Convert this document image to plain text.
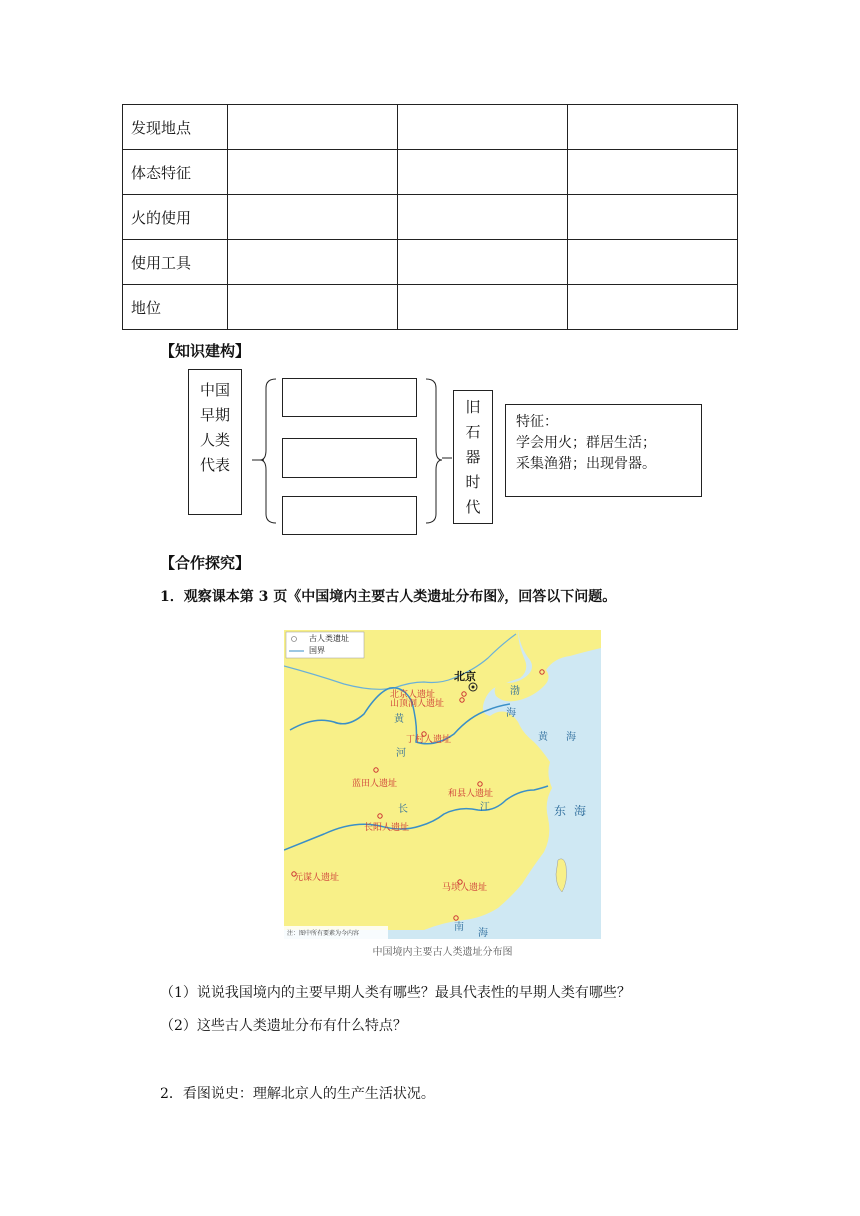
发现地点			
体态特征			
火的使用			
使用工具			
地位			
【知识建构】
中国
早期
人类
代表
旧
石
器
时
代
特征：
学会用火；群居生活；
采集渔猎；出现骨器。
【合作探究】
1．观察课本第 3 页《中国境内主要古人类遗址分布图》，回答以下问题。
古人类遗址
国界
北京
北京人遗址
山顶洞人遗址
丁村人遗址
蓝田人遗址
和县人遗址
长阳人遗址
元谋人遗址
马坝人遗址
渤
海
黄 海
东 海
南
海
黄
河
长	江
注：图中所有要素为今内容
中国境内主要古人类遗址分布图
（1）说说我国境内的主要早期人类有哪些？最具代表性的早期人类有哪些？
（2）这些古人类遗址分布有什么特点？
2．看图说史：理解北京人的生产生活状况。
